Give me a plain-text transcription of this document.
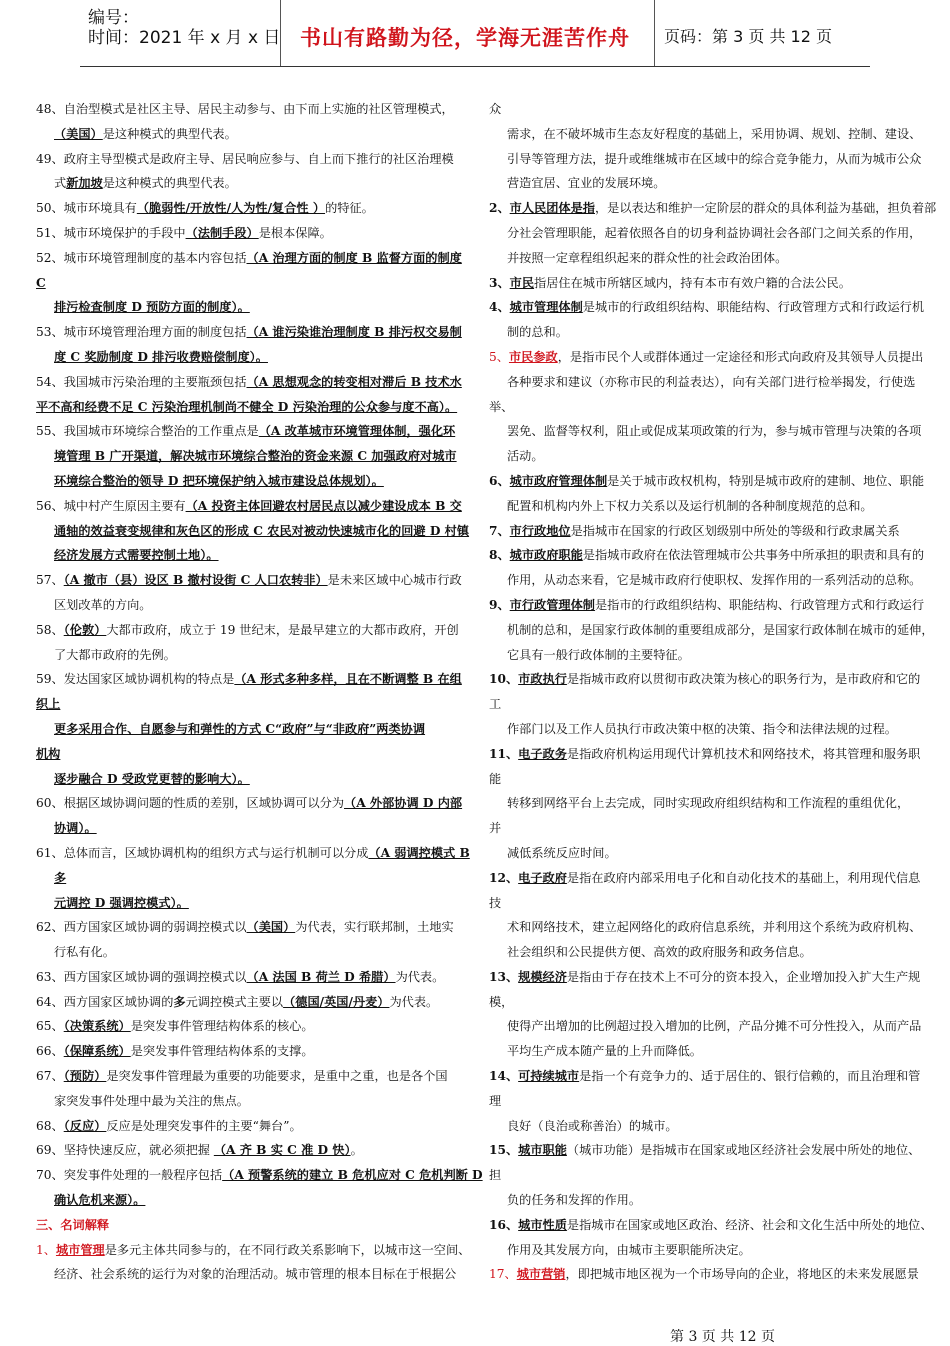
编号：
时间：2021 年 x 月 x 日 书山有路勤为径，学海无涯苦作舟 页码：第 3 页 共 12 页
48、自治型模式是社区主导、居民主动参与、由下而上实施的社区管理模式，
（美国）是这种模式的典型代表。
49、政府主导型模式是政府主导、居民响应参与、自上而下推行的社区治理模
式新加坡是这种模式的典型代表。
50、城市环境具有（脆弱性/开放性/人为性/复合性 ）的特征。
51、城市环境保护的手段中（法制手段）是根本保障。
52、城市环境管理制度的基本内容包括（A 治理方面的制度 B 监督方面的制度
C
排污检查制度 D 预防方面的制度）。
53、城市环境管理治理方面的制度包括（A 谁污染谁治理制度 B 排污权交易制
度 C 奖励制度 D 排污收费赔偿制度）。
54、我国城市污染治理的主要瓶颈包括（A 思想观念的转变相对滞后 B 技术水
平不高和经费不足 C 污染治理机制尚不健全 D 污染治理的公众参与度不高）。
55、我国城市环境综合整治的工作重点是（A 改革城市环境管理体制，强化环
境管理 B 广开渠道，解决城市环境综合整治的资金来源 C 加强政府对城市
环境综合整治的领导 D 把环境保护纳入城市建设总体规划）。
56、城中村产生原因主要有（A 投资主体回避农村居民点以减少建设成本 B 交
通轴的效益衰变规律和灰色区的形成 C 农民对被动快速城市化的回避 D 村镇
经济发展方式需要控制土地）。
57、（A 撤市（县）设区 B 撤村设街 C 人口农转非）是未来区域中心城市行政
区划改革的方向。
58、（伦敦）大都市政府，成立于 19 世纪末，是最早建立的大都市政府，开创
了大都市政府的先例。
59、发达国家区域协调机构的特点是（A 形式多种多样，且在不断调整 B 在组
织上
更多采用合作、自愿参与和弹性的方式 C“政府”与“非政府”两类协调
机构
逐步融合 D 受政党更替的影响大）。
60、根据区域协调问题的性质的差别，区域协调可以分为（A 外部协调 D 内部
协调）。
61、总体而言，区域协调机构的组织方式与运行机制可以分成（A 弱调控模式 B
多
元调控 D 强调控模式）。
62、西方国家区域协调的弱调控模式以（美国）为代表，实行联邦制，土地实
行私有化。
63、西方国家区域协调的强调控模式以（A 法国 B 荷兰 D 希腊）为代表。
64、西方国家区域协调的多元调控模式主要以（德国/英国/丹麦）为代表。
65、（决策系统）是突发事件管理结构体系的核心。
66、（保障系统）是突发事件管理结构体系的支撑。
67、（预防）是突发事件管理最为重要的功能要求，是重中之重，也是各个国
家突发事件处理中最为关注的焦点。
68、（反应）反应是处理突发事件的主要“舞台”。
69、坚持快速反应，就必须把握 （A 齐 B 实 C 准 D 快）。
70、突发事件处理的一般程序包括（A 预警系统的建立 B 危机应对 C 危机判断 D
确认危机来源）。
三、名词解释
1、城市管理是多元主体共同参与的，在不同行政关系影响下，以城市这一空间、
经济、社会系统的运行为对象的治理活动。城市管理的根本目标在于根据公
众
需求，在不破坏城市生态友好程度的基础上，采用协调、规划、控制、建设、
引导等管理方法，提升或维继城市在区域中的综合竞争能力，从而为城市公众
营造宜居、宜业的发展环境。
2、市人民团体是指，是以表达和维护一定阶层的群众的具体利益为基础，担负着部
分社会管理职能，起着依照各自的切身利益协调社会各部门之间关系的作用，
并按照一定章程组织起来的群众性的社会政治团体。
3、市民指居住在城市所辖区域内，持有本市有效户籍的合法公民。
4、城市管理体制是城市的行政组织结构、职能结构、行政管理方式和行政运行机
制的总和。
5、市民参政，是指市民个人或群体通过一定途径和形式向政府及其领导人员提出
各种要求和建议（亦称市民的利益表达），向有关部门进行检举揭发，行使选
举、
罢免、监督等权利，阻止或促成某项政策的行为，参与城市管理与决策的各项
活动。
6、城市政府管理体制是关于城市政权机构，特别是城市政府的建制、地位、职能
配置和机构内外上下权力关系以及运行机制的各种制度规范的总和。
7、市行政地位是指城市在国家的行政区划级别中所处的等级和行政隶属关系
8、城市政府职能是指城市政府在依法管理城市公共事务中所承担的职责和具有的
作用，从动态来看，它是城市政府行使职权、发挥作用的一系列活动的总称。
9、市行政管理体制是指市的行政组织结构、职能结构、行政管理方式和行政运行
机制的总和，是国家行政体制的重要组成部分，是国家行政体制在城市的延伸，
它具有一般行政体制的主要特征。
10、市政执行是指城市政府以贯彻市政决策为核心的职务行为，是市政府和它的
工
作部门以及工作人员执行市政决策中枢的决策、指令和法律法规的过程。
11、电子政务是指政府机构运用现代计算机技术和网络技术，将其管理和服务职
能
转移到网络平台上去完成，同时实现政府组织结构和工作流程的重组优化，
并
减低系统反应时间。
12、电子政府是指在政府内部采用电子化和自动化技术的基础上，利用现代信息
技
术和网络技术，建立起网络化的政府信息系统，并利用这个系统为政府机构、
社会组织和公民提供方便、高效的政府服务和政务信息。
13、规模经济是指由于存在技术上不可分的资本投入，企业增加投入扩大生产规
模，
使得产出增加的比例超过投入增加的比例，产品分摊不可分性投入，从而产品
平均生产成本随产量的上升而降低。
14、可持续城市是指一个有竞争力的、适于居住的、银行信赖的，而且治理和管
理
良好（良治或称善治）的城市。
15、城市职能（城市功能）是指城市在国家或地区经济社会发展中所处的地位、
担
负的任务和发挥的作用。
16、城市性质是指城市在国家或地区政治、经济、社会和文化生活中所处的地位、
作用及其发展方向，由城市主要职能所决定。
17、城市营销，即把城市地区视为一个市场导向的企业，将地区的未来发展愿景
第 3 页 共 12 页
